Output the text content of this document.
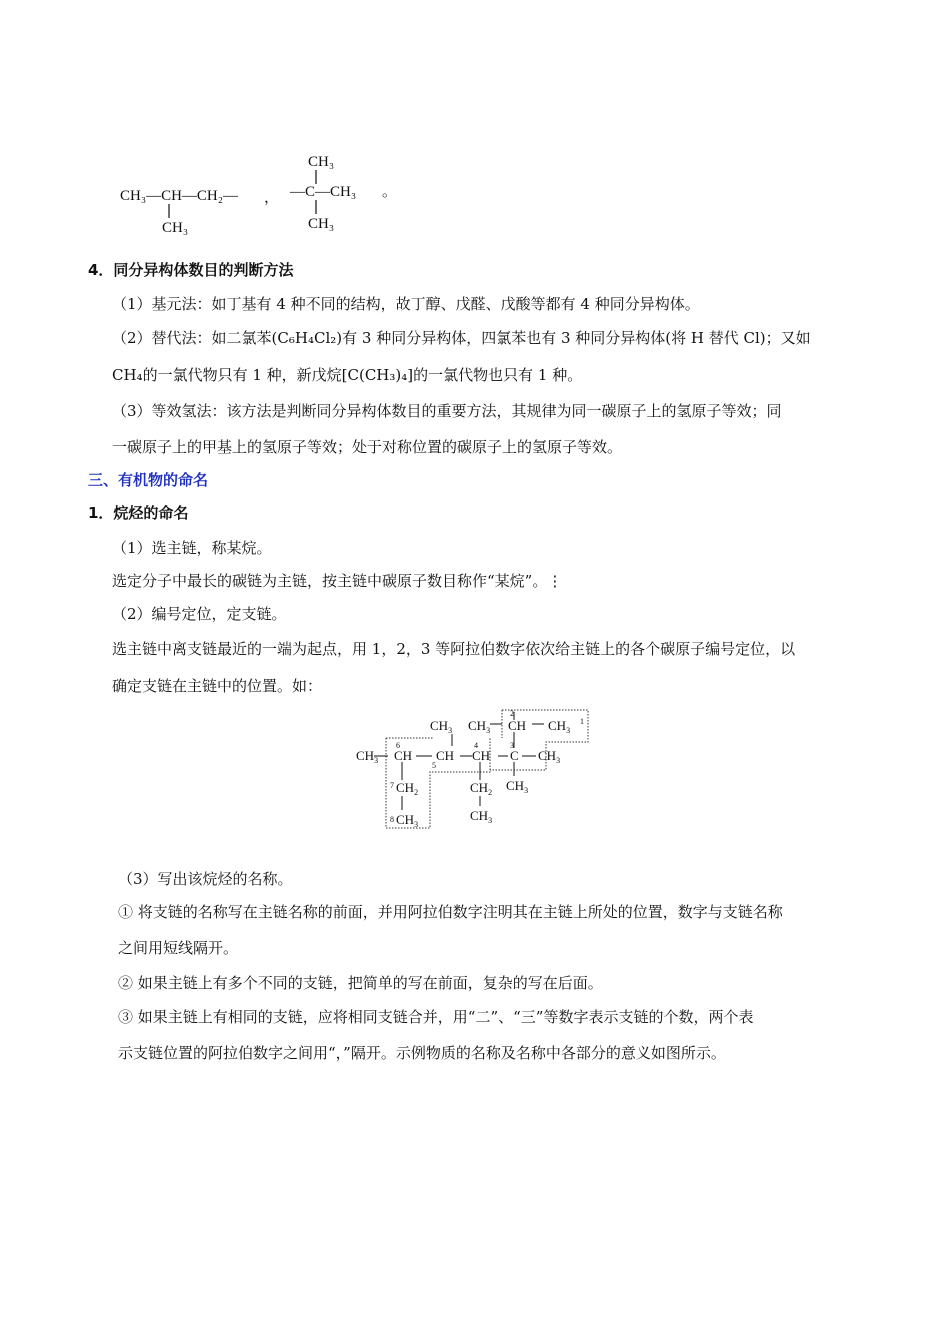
CH₃—CH—CH₂—
CH₃
，
CH₃
—C—CH₃
CH₃
。
4．同分异构体数目的判断方法
（1）基元法：如丁基有 4 种不同的结构，故丁醇、戊醛、戊酸等都有 4 种同分异构体。
（2）替代法：如二氯苯(C₆H₄Cl₂)有 3 种同分异构体，四氯苯也有 3 种同分异构体(将 H 替代 Cl)；又如
CH₄的一氯代物只有 1 种，新戊烷[C(CH₃)₄]的一氯代物也只有 1 种。
（3）等效氢法：该方法是判断同分异构体数目的重要方法，其规律为同一碳原子上的氢原子等效；同
一碳原子上的甲基上的氢原子等效；处于对称位置的碳原子上的氢原子等效。
三、有机物的命名
1．烷烃的命名
（1）选主链，称某烷。
选定分子中最长的碳链为主链，按主链中碳原子数目称作“某烷”。⋮
（2）编号定位，定支链。
选主链中离支链最近的一端为起点，用 1，2，3 等阿拉伯数字依次给主链上的各个碳原子编号定位，以
确定支链在主链中的位置。如：
$CH_3$ $CH_3$
2
CH $CH_3$
1
$CH_3$
6
CH
5
CH
4
CH
3
C $CH_3$
$CH_3$
7 $CH_2$
8 $CH_3$
$CH_2$
$CH_3$
（3）写出该烷烃的名称。
① 将支链的名称写在主链名称的前面，并用阿拉伯数字注明其在主链上所处的位置，数字与支链名称
之间用短线隔开。
② 如果主链上有多个不同的支链，把简单的写在前面，复杂的写在后面。
③ 如果主链上有相同的支链，应将相同支链合并，用“二”、“三”等数字表示支链的个数，两个表
示支链位置的阿拉伯数字之间用“，”隔开。示例物质的名称及名称中各部分的意义如图所示。
